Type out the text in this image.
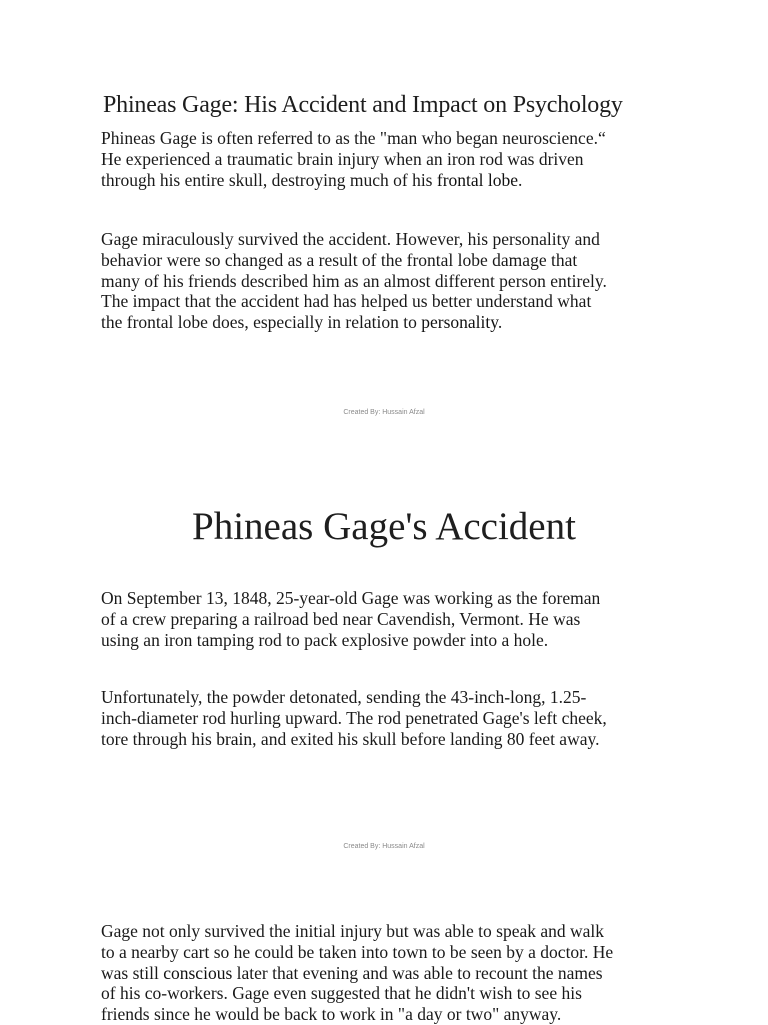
Phineas Gage: His Accident and Impact on Psychology

Phineas Gage is often referred to as the "man who began neuroscience.“
He experienced a traumatic brain injury when an iron rod was driven
through his entire skull, destroying much of his frontal lobe.

Gage miraculously survived the accident. However, his personality and
behavior were so changed as a result of the frontal lobe damage that
many of his friends described him as an almost different person entirely.
The impact that the accident had has helped us better understand what
the frontal lobe does, especially in relation to personality.

Created By: Hussain Afzal

Phineas Gage's Accident

On September 13, 1848, 25-year-old Gage was working as the foreman
of a crew preparing a railroad bed near Cavendish, Vermont. He was
using an iron tamping rod to pack explosive powder into a hole.

Unfortunately, the powder detonated, sending the 43-inch-long, 1.25-
inch-diameter rod hurling upward. The rod penetrated Gage's left cheek,
tore through his brain, and exited his skull before landing 80 feet away.

Created By: Hussain Afzal

Gage not only survived the initial injury but was able to speak and walk
to a nearby cart so he could be taken into town to be seen by a doctor. He
was still conscious later that evening and was able to recount the names
of his co-workers. Gage even suggested that he didn't wish to see his
friends since he would be back to work in "a day or two" anyway.
